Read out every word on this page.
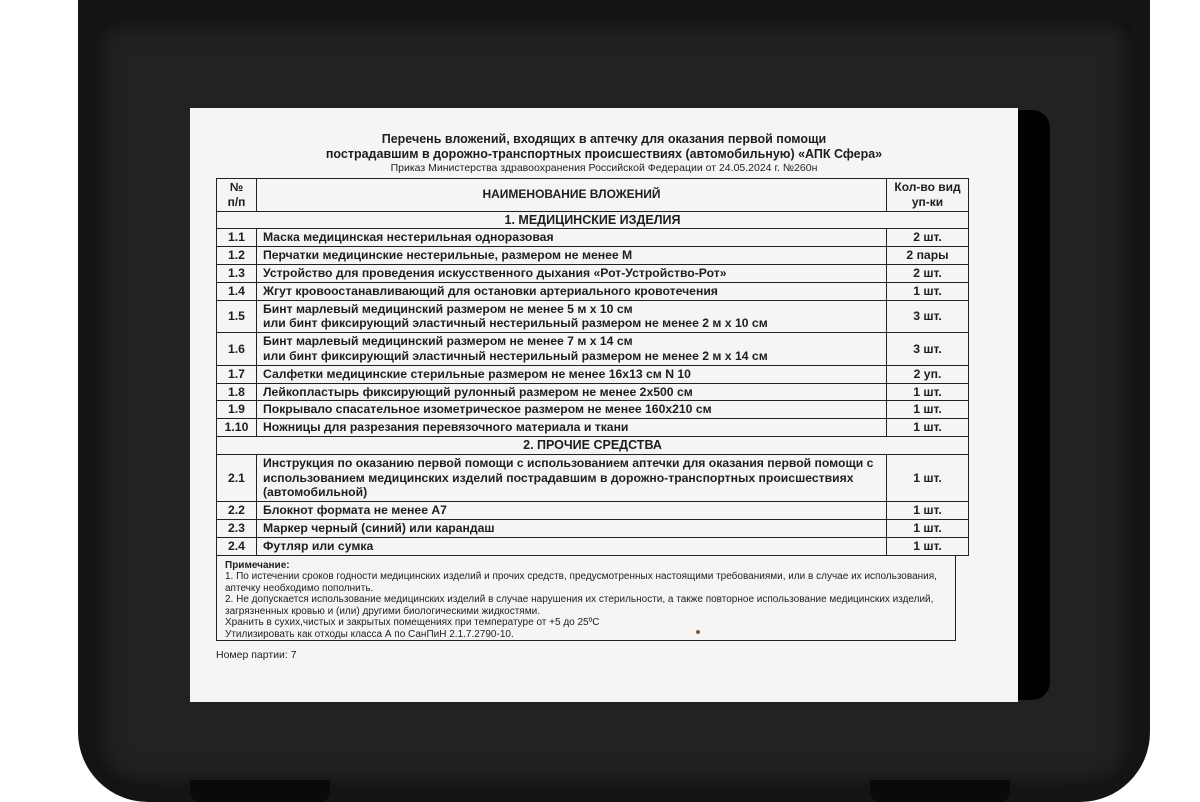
Перечень вложений, входящих в аптечку для оказания первой помощи
пострадавшим в дорожно-транспортных происшествиях (автомобильную) «АПК Сфера»
Приказ Министерства здравоохранения Российской Федерации от 24.05.2024 г. №260н
№ п/п	НАИМЕНОВАНИЕ ВЛОЖЕНИЙ	Кол-во вид уп-ки
1. МЕДИЦИНСКИЕ ИЗДЕЛИЯ		
1.1	Маска медицинская нестерильная одноразовая	2 шт.
1.2	Перчатки медицинские нестерильные, размером не менее М	2 пары
1.3	Устройство для проведения искусственного дыхания «Рот-Устройство-Рот»	2 шт.
1.4	Жгут кровоостанавливающий для остановки артериального кровотечения	1 шт.
1.5	Бинт марлевый медицинский размером не менее 5 м х 10 см
или бинт фиксирующий эластичный нестерильный размером не менее 2 м х 10 см	3 шт.
1.6	Бинт марлевый медицинский размером не менее 7 м х 14 см
или бинт фиксирующий эластичный нестерильный размером не менее 2 м х 14 см	3 шт.
1.7	Салфетки медицинские стерильные размером не менее 16х13 см N 10	2 уп.
1.8	Лейкопластырь фиксирующий рулонный размером не менее 2х500 см	1 шт.
1.9	Покрывало спасательное изометрическое размером не менее 160х210 см	1 шт.
1.10	Ножницы для разрезания перевязочного материала и ткани	1 шт.
2. ПРОЧИЕ СРЕДСТВА		
2.1	Инструкция по оказанию первой помощи с использованием аптечки для оказания первой помощи с использованием медицинских изделий пострадавшим в дорожно-транспортных происшествиях (автомобильной)	1 шт.
2.2	Блокнот формата не менее А7	1 шт.
2.3	Маркер черный (синий) или карандаш	1 шт.
2.4	Футляр или сумка	1 шт.
Примечание:
1. По истечении сроков годности медицинских изделий и прочих средств, предусмотренных настоящими требованиями, или в случае их использования, аптечку необходимо пополнить.
2. Не допускается использование медицинских изделий в случае нарушения их стерильности, а также повторное использование медицинских изделий, загрязненных кровью и (или) другими биологическими жидкостями.
Хранить в сухих,чистых и закрытых помещениях при температуре от +5 до 25ºС
Утилизировать как отходы класса А по СанПиН 2.1.7.2790-10.
Номер партии: 7
